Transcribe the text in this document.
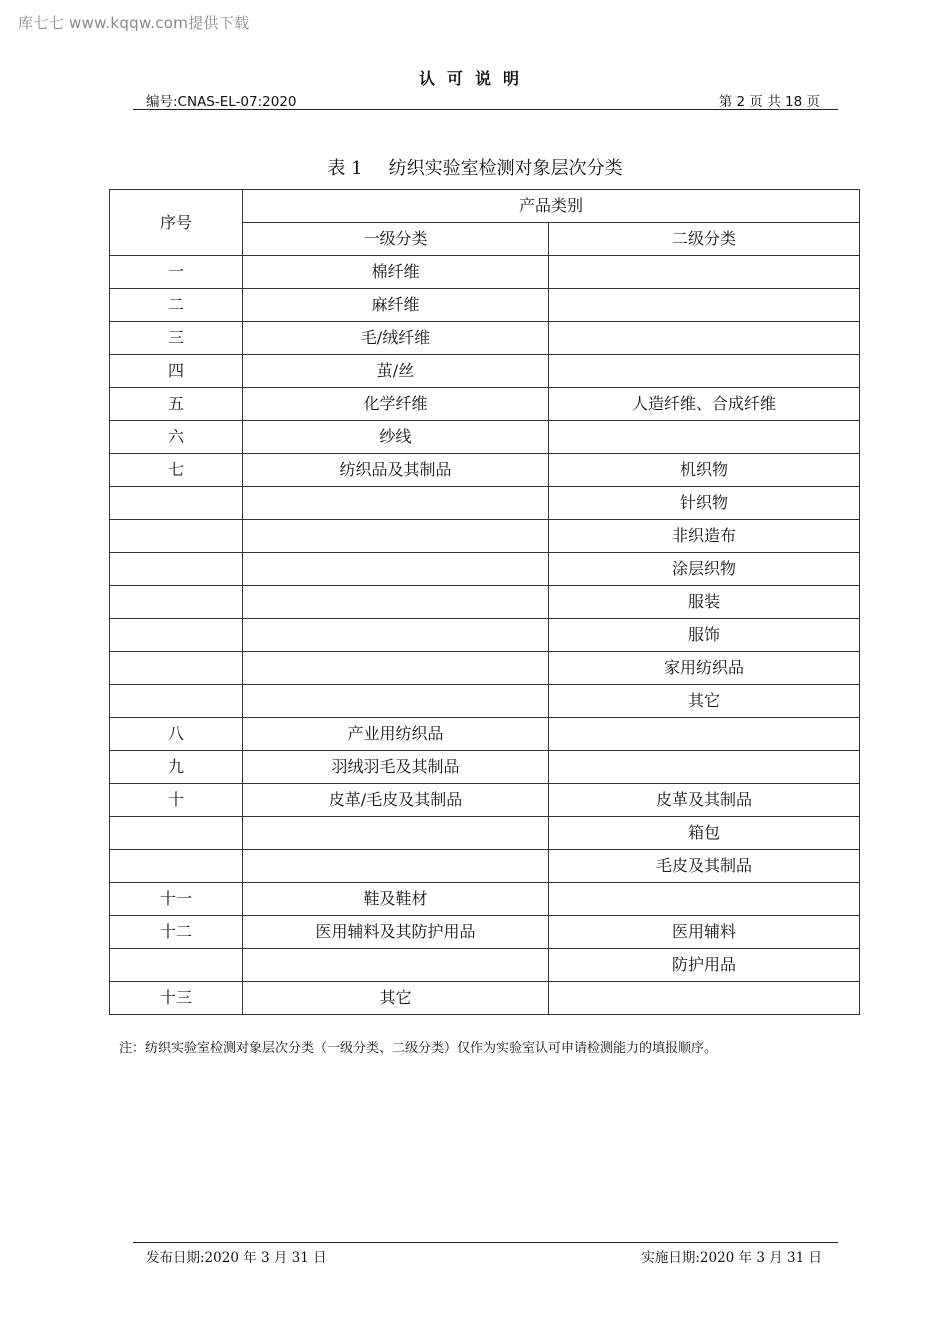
库七七 www.kqqw.com提供下载
认可说明
编号:CNAS-EL-07:2020	第 2 页 共 18 页
表 1 纺织实验室检测对象层次分类
序号	产品类别	
	一级分类	二级分类
一	棉纤维	
二	麻纤维	
三	毛/绒纤维	
四	茧/丝	
五	化学纤维	人造纤维、合成纤维
六	纱线	
七	纺织品及其制品	机织物
		针织物
		非织造布
		涂层织物
		服装
		服饰
		家用纺织品
		其它
八	产业用纺织品	
九	羽绒羽毛及其制品	
十	皮革/毛皮及其制品	皮革及其制品
		箱包
		毛皮及其制品
十一	鞋及鞋材	
十二	医用辅料及其防护用品	医用辅料
		防护用品
十三	其它	
注：纺织实验室检测对象层次分类（一级分类、二级分类）仅作为实验室认可申请检测能力的填报顺序。
发布日期:2020 年 3 月 31 日	实施日期:2020 年 3 月 31 日
